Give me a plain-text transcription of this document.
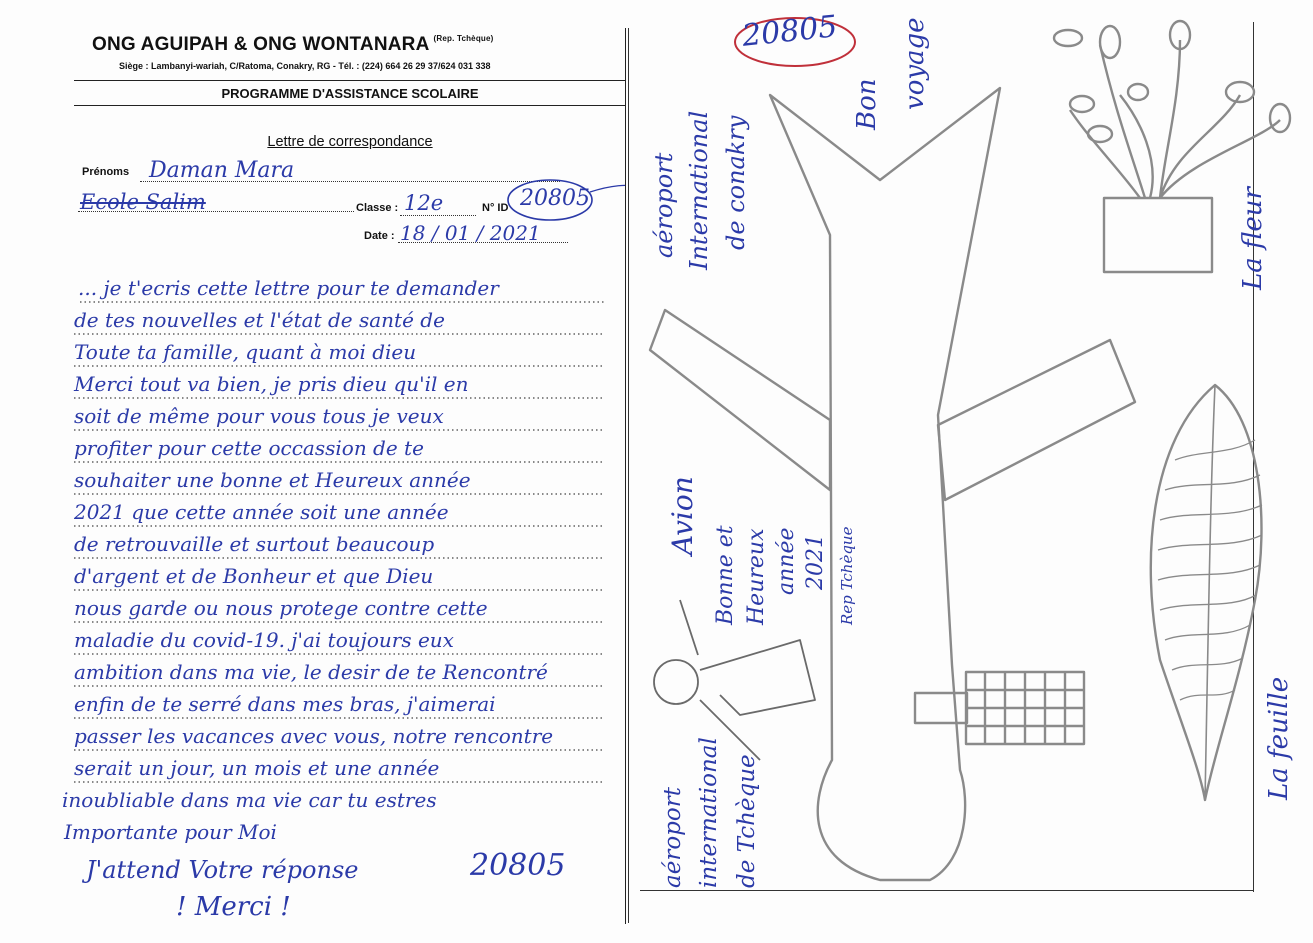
ONG AGUIPAH & ONG WONTANARA $^{(Rep. Tchèque)}$
Siège : Lambanyi-wariah, C/Ratoma, Conakry, RG - Tél. : (224) 664 26 29 37/624 031 338
PROGRAMME D'ASSISTANCE SCOLAIRE
Lettre de correspondance
Prénoms Daman Mara
Ecole Salim	Classe : 12e	N° ID 20805
Date : 18 / 01 / 2021
... je t'ecris cette lettre pour te demander
de tes nouvelles et l'état de santé de
Toute ta famille, quant à moi dieu
Merci tout va bien, je pris dieu qu'il en
soit de même pour vous tous je veux
profiter pour cette occassion de te
souhaiter une bonne et Heureux année
2021 que cette année soit une année
de retrouvaille et surtout beaucoup
d'argent et de Bonheur et que Dieu
nous garde ou nous protege contre cette
maladie du covid-19. j'ai toujours eux
ambition dans ma vie, le desir de te Rencontré
enfin de te serré dans mes bras, j'aimerai
passer les vacances avec vous, notre rencontre
serait un jour, un mois et une année
inoubliable dans ma vie car tu estres
Importante pour Moi
J'attend Votre réponse	20805
! Merci !
20805
aéroport International de conakry
Bon voyage
Avion
Bonne et Heureux année 2021 Rep Tchèque
aéroport international de Tchèque
La fleur
La feuille
